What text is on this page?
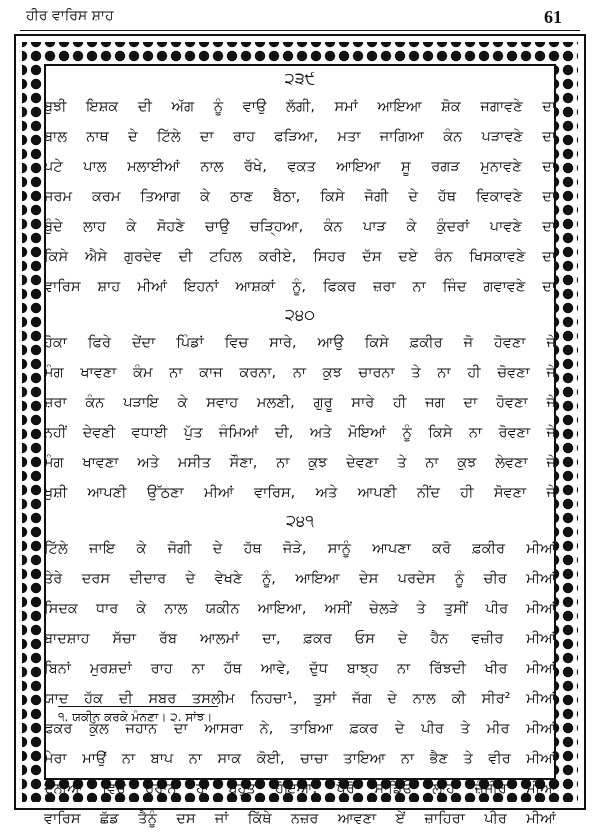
ਹੀਰ ਵਾਰਿਸ ਸ਼ਾਹ	61
੨੩੯
ਬੁਝੀ ਇਸ਼ਕ ਦੀ ਅੱਗ ਨੂੰ ਵਾਉ ਲੱਗੀ, ਸਮਾਂ ਆਇਆ ਸ਼ੋਕ ਜਗਾਵਣੇ ਦਾ
ਬਾਲ ਨਾਥ ਦੇ ਟਿੱਲੇ ਦਾ ਰਾਹ ਫੜਿਆ, ਮਤਾ ਜਾਗਿਆ ਕੰਨ ਪੜਾਵਣੇ ਦਾ
ਪਟੇ ਪਾਲ ਮਲਾਈਆਂ ਨਾਲ ਰੱਖੇ, ਵਕਤ ਆਇਆ ਸੂ ਰਗੜ ਮੁਨਾਵਣੇ ਦਾ
ਜਰਮ ਕਰਮ ਤਿਆਗ ਕੇ ਠਾਣ ਬੈਠਾ, ਕਿਸੇ ਜੋਗੀ ਦੇ ਹੱਥ ਵਿਕਾਵਣੇ ਦਾ
ਬੁੰਦੇ ਲਾਹ ਕੇ ਸੋਹਣੇ ਚਾਉ ਚੜ੍ਹਿਆ, ਕੰਨ ਪਾੜ ਕੇ ਕੁੰਦਰਾਂ ਪਾਵਣੇ ਦਾ
ਕਿਸੇ ਐਸੇ ਗੁਰਦੇਵ ਦੀ ਟਹਿਲ ਕਰੀਏ, ਸਿਹਰ ਦੱਸ ਦਏ ਰੰਨ ਖਿਸਕਾਵਣੇ ਦਾ
ਵਾਰਿਸ ਸ਼ਾਹ ਮੀਆਂ ਇਹਨਾਂ ਆਸ਼ਕਾਂ ਨੂੰ, ਫਿਕਰ ਜ਼ਰਾ ਨਾ ਜਿੰਦ ਗਵਾਵਣੇ ਦਾ
੨੪੦
ਹੋਕਾ ਫਿਰੇ ਦੇਂਦਾ ਪਿੰਡਾਂ ਵਿਚ ਸਾਰੇ, ਆਉ ਕਿਸੇ ਫ਼ਕੀਰ ਜੋ ਹੋਵਣਾ ਜੇ
ਮੰਗ ਖਾਵਣਾ ਕੰਮ ਨਾ ਕਾਜ ਕਰਨਾ, ਨਾ ਕੁਝ ਚਾਰਨਾ ਤੇ ਨਾ ਹੀ ਚੋਵਣਾ ਜੇ
ਜ਼ਰਾ ਕੰਨ ਪੜਾਇ ਕੇ ਸਵਾਹ ਮਲਣੀ, ਗੁਰੂ ਸਾਰੇ ਹੀ ਜਗ ਦਾ ਹੋਵਣਾ ਜੇ
ਨਹੀਂ ਦੇਵਣੀ ਵਧਾਈ ਪੁੱਤ ਜੰਮਿਆਂ ਦੀ, ਅਤੇ ਮੋਇਆਂ ਨੂੰ ਕਿਸੇ ਨਾ ਰੋਵਣਾ ਜੇ
ਮੰਗ ਖਾਵਣਾ ਅਤੇ ਮਸੀਤ ਸੌਣਾ, ਨਾ ਕੁਝ ਦੇਵਣਾ ਤੇ ਨਾ ਕੁਝ ਲੇਵਣਾ ਜੇ
ਖੁਸ਼ੀ ਆਪਣੀ ਉੱਠਣਾ ਮੀਆਂ ਵਾਰਿਸ, ਅਤੇ ਆਪਣੀ ਨੀਂਦ ਹੀ ਸੋਵਣਾ ਜੇ
੨੪੧
ਟਿੱਲੇ ਜਾਇ ਕੇ ਜੋਗੀ ਦੇ ਹੱਥ ਜੋੜੇ, ਸਾਨੂੰ ਆਪਣਾ ਕਰੋ ਫ਼ਕੀਰ ਮੀਆਂ
ਤੇਰੇ ਦਰਸ ਦੀਦਾਰ ਦੇ ਵੇਖਣੇ ਨੂੰ, ਆਇਆ ਦੇਸ ਪਰਦੇਸ ਨੂੰ ਚੀਰ ਮੀਆਂ
ਸਿਦਕ ਧਾਰ ਕੇ ਨਾਲ ਯਕੀਨ ਆਇਆ, ਅਸੀਂ ਚੇਲੜੇ ਤੇ ਤੁਸੀਂ ਪੀਰ ਮੀਆਂ
ਬਾਦਸ਼ਾਹ ਸੱਚਾ ਰੱਬ ਆਲਮਾਂ ਦਾ, ਫ਼ਕਰ ਓਸ ਦੇ ਹੈਨ ਵਜ਼ੀਰ ਮੀਆਂ
ਬਿਨਾਂ ਮੁਰਸ਼ਦਾਂ ਰਾਹ ਨਾ ਹੱਥ ਆਵੇ, ਦੁੱਧ ਬਾਝ੍ਹ ਨਾ ਰਿੱਝਦੀ ਖੀਰ ਮੀਆਂ
ਯਾਦ ਹੱਕ ਦੀ ਸਬਰ ਤਸਲੀਮ ਨਿਹਚਾ¹, ਤੁਸਾਂ ਜੱਗ ਦੇ ਨਾਲ ਕੀ ਸੀਰ² ਮੀਆਂ
ਫ਼ਕਰ ਕੁੱਲ ਜਹਾਨ ਦਾ ਆਸਰਾ ਨੇ, ਤਾਬਿਆ ਫ਼ਕਰ ਦੇ ਪੀਰ ਤੇ ਮੀਰ ਮੀਆਂ
ਮੇਰਾ ਮਾਉਂ ਨਾ ਬਾਪ ਨਾ ਸਾਕ ਕੋਈ, ਚਾਚਾ ਤਾਇਆ ਨਾ ਭੈਣ ਤੇ ਵੀਰ ਮੀਆਂ
ਦੁਨੀਆਂ ਵਿਚ ਹੈਰਾਨ ਹਾਂ ਬਹੁਤ ਹੋਇਆ, ਪੈਰੋਂ ਸਾਡਿਓਂ ਲਾਹ ਜ਼ੰਜੀਰ ਮੀਆਂ
ਵਾਰਿਸ ਛੱਡ ਤੈਨੂੰ ਦਸ ਜਾਂ ਕਿੱਥੇ ਨਜ਼ਰ ਆਵਣਾ ਏਂ ਜ਼ਾਹਿਰਾ ਪੀਰ ਮੀਆਂ
੧. ਯਕੀਨ ਕਰਕੇ ਮੰਨਣਾ। ੨. ਸਾਂਝ।
